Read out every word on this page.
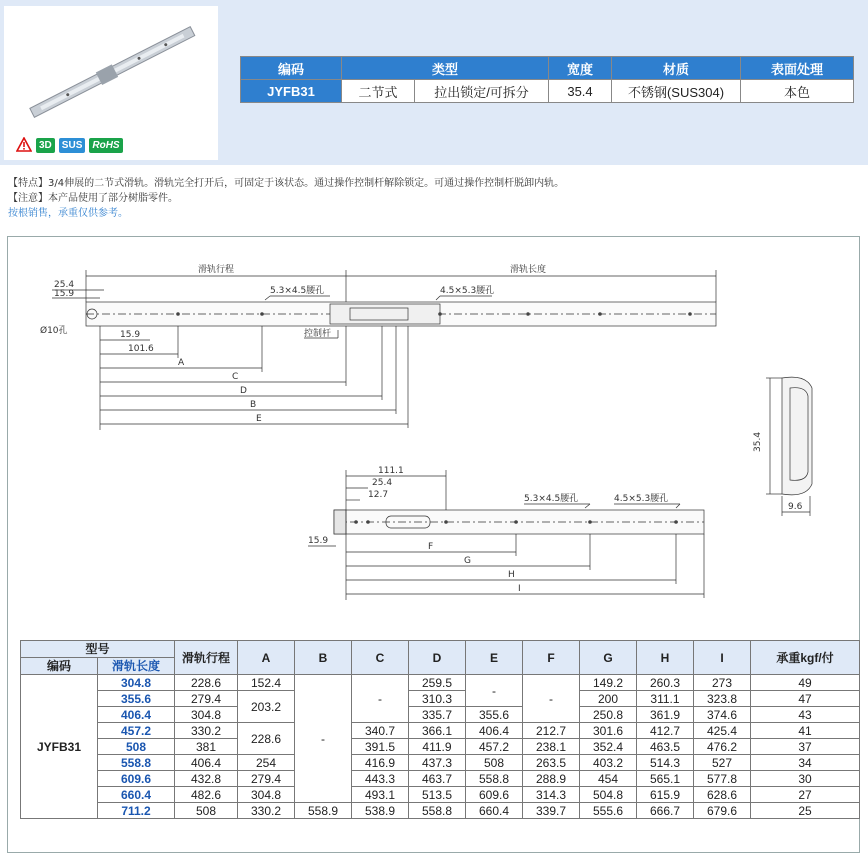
3D	SUS	RoHS
编码	类型		宽度	材质	表面处理
JYFB31	二节式	拉出锁定/可拆分	35.4	不锈钢(SUS304)	本色
【特点】3/4伸展的二节式滑轨。滑轨完全打开后，可固定于该状态。通过操作控制杆解除锁定。可通过操作控制杆脱卸内轨。
【注意】本产品使用了部分树脂零件。
按根销售，承重仅供参考。
滑轨行程	滑轨长度
25.4
15.9
Ø10孔	15.9
101.6
5.3×4.5腰孔	4.5×5.3腰孔
控制杆
A
C
D
B
E
111.1
25.4
12.7	5.3×4.5腰孔	4.5×5.3腰孔
15.9
F
G
H
I
35.4
9.6
型号		滑轨行程	A	B	C	D	E	F	G	H	I	承重kgf/付
编码	滑轨长度											
JYFB31	304.8	228.6	152.4	-	-	259.5	-	-	149.2	260.3	273	49
	355.6	279.4	203.2			310.3			200	311.1	323.8	47
	406.4	304.8				335.7	355.6		250.8	361.9	374.6	43
	457.2	330.2	228.6		340.7	366.1	406.4	212.7	301.6	412.7	425.4	41
	508	381			391.5	411.9	457.2	238.1	352.4	463.5	476.2	37
	558.8	406.4	254		416.9	437.3	508	263.5	403.2	514.3	527	34
	609.6	432.8	279.4		443.3	463.7	558.8	288.9	454	565.1	577.8	30
	660.4	482.6	304.8		493.1	513.5	609.6	314.3	504.8	615.9	628.6	27
	711.2	508	330.2	558.9	538.9	558.8	660.4	339.7	555.6	666.7	679.6	25
